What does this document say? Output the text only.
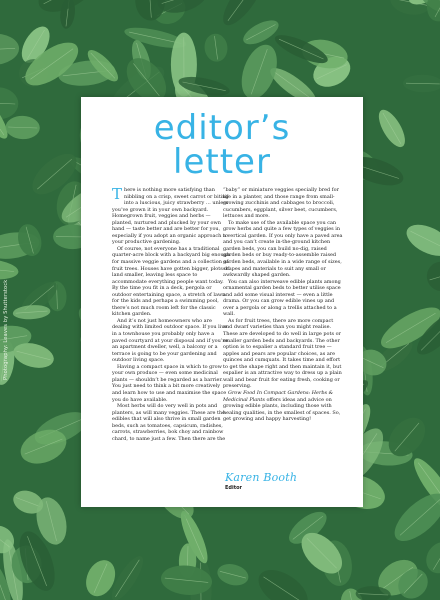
Photography: Leaves by Shutterstock
editor’s
letter

There is nothing more satisfying than nibbling on a crisp, sweet carrot or biting into a luscious, juicy strawberry … unless you’ve grown it in your own backyard. Homegrown fruit, veggies and herbs — planted, nurtured and plucked by your own hand — taste better and are better for you, especially if you adopt an organic approach to your productive gardening.

Of course, not everyone has a traditional quarter-acre block with a backyard big enough for massive veggie gardens and a collection of fruit trees. Houses have gotten bigger, plots of land smaller, leaving less space to accommodate everything people want today. By the time you fit in a deck, pergola or outdoor entertaining space, a stretch of lawn for the kids and perhaps a swimming pool, there’s not much room left for the classic kitchen garden.

And it’s not just homeowners who are dealing with limited outdoor space. If you live in a townhouse you probably only have a paved courtyard at your disposal and if you’re an apartment dweller, well, a balcony or a terrace is going to be your gardening and outdoor living space.

Having a compact space in which to grow your own produce — even some medicinal plants — shouldn’t be regarded as a barrier. You just need to think a bit more creatively and learn how to use and maximise the space you do have available.

Most herbs will do very well in pots and planters, as will many veggies. These are the edibles that will also thrive in small garden beds, such as tomatoes, capsicum, radishes, carrots, strawberries, bok choy and rainbow chard, to name just a few. Then there are the

“baby” or miniature veggies specially bred for life in a planter, and those range from small-growing zucchinis and cabbages to broccoli, cucumbers, eggplant, silver beet, cucumbers, lettuces and more.

To make use of the available space you can grow herbs and quite a few types of veggies in a vertical garden. If you only have a paved area and you can’t create in-the-ground kitchen garden beds, you can build no-dig, raised garden beds or buy ready-to-assemble raised garden beds, available in a wide range of sizes, shapes and materials to suit any small or awkwardly shaped garden.

You can also interweave edible plants among ornamental garden beds to better utilise space and add some visual interest — even a little drama. Or you can grow edible vines up and over a pergola or along a trellis attached to a wall.

As for fruit trees, there are more compact and dwarf varieties than you might realise. These are developed to do well in large pots or smaller garden beds and backyards. The other option is to espalier a standard fruit tree — apples and pears are popular choices, as are quinces and cumquats. It takes time and effort to get the shape right and then maintain it, but espalier is an attractive way to dress up a plain wall and bear fruit for eating fresh, cooking or preserving.

Grow Food In Compact Gardens: Herbs & Medicinal Plants offers ideas and advice on growing edible plants, including those with healing qualities, in the smallest of spaces. So, get growing and happy harvesting!

Karen Booth
Editor
